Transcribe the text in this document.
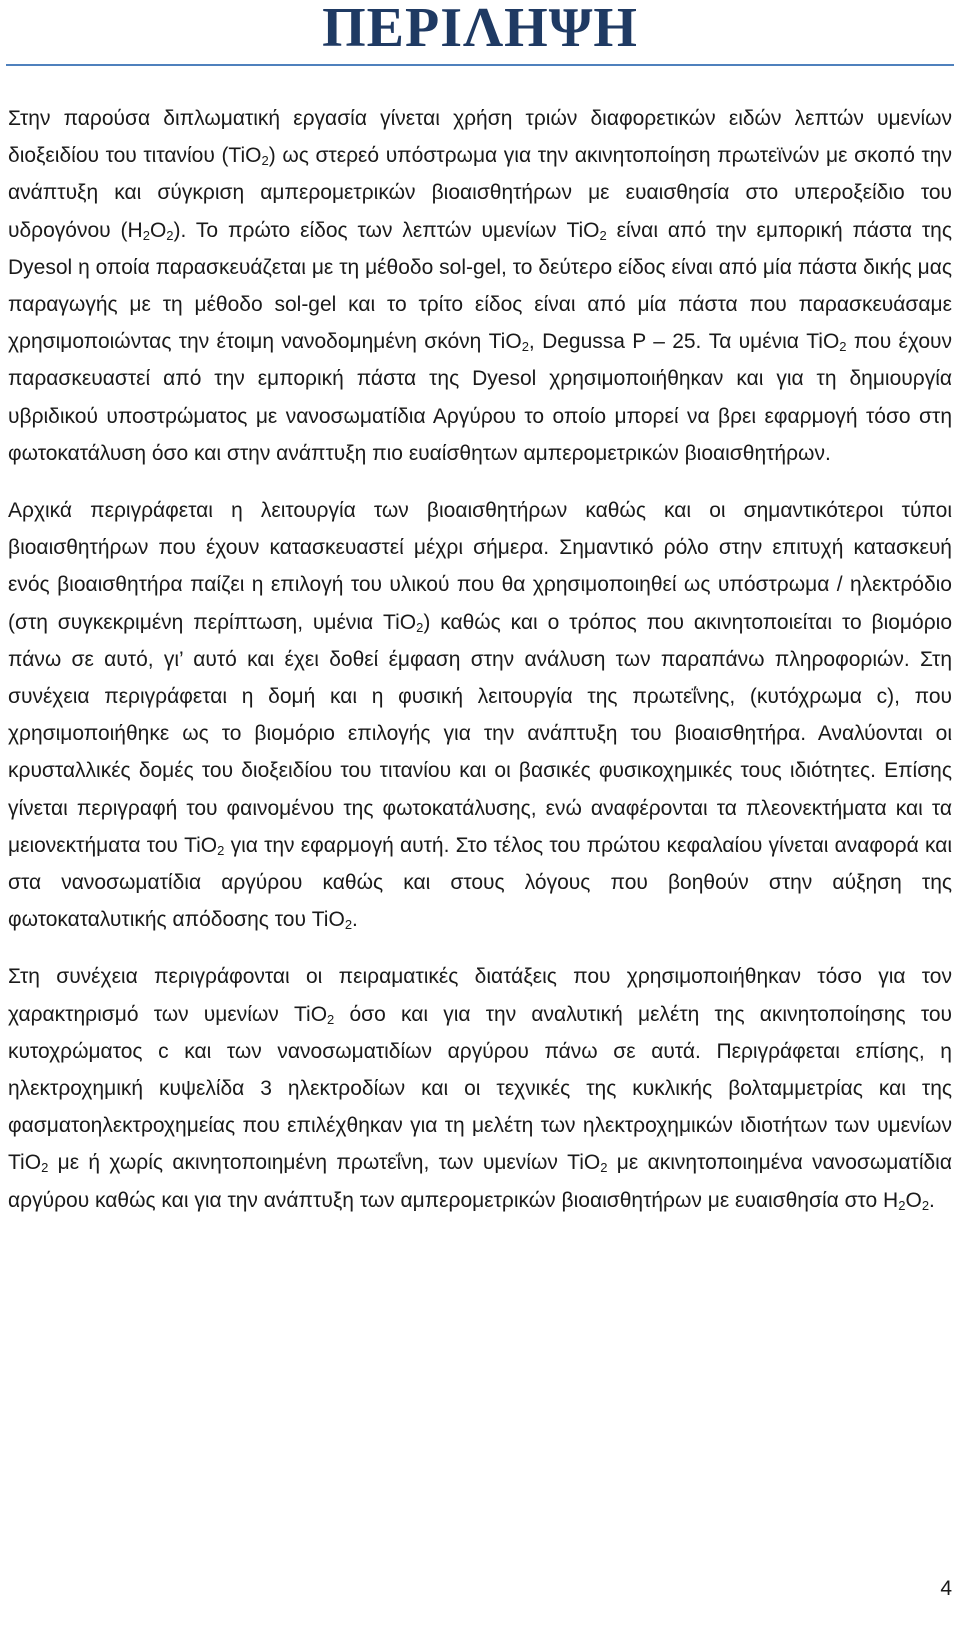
ΠΕΡΙΛΗΨΗ

Στην παρούσα διπλωματική εργασία γίνεται χρήση τριών διαφορετικών ειδών λεπτών υμενίων διοξειδίου του τιτανίου (TiO$_2$) ως στερεό υπόστρωμα για την ακινητοποίηση πρωτεϊνών με σκοπό την ανάπτυξη και σύγκριση αμπερομετρικών βιοαισθητήρων με ευαισθησία στο υπεροξείδιο του υδρογόνου $(H_2O_2)$. Το πρώτο είδος των λεπτών υμενίων TiO$_2$ είναι από την εμπορική πάστα της Dyesol η οποία παρασκευάζεται με τη μέθοδο sol-gel, το δεύτερο είδος είναι από μία πάστα δικής μας παραγωγής με τη μέθοδο sol-gel και το τρίτο είδος είναι από μία πάστα που παρασκευάσαμε χρησιμοποιώντας την έτοιμη νανοδομημένη σκόνη TiO$_2$, Degussa P – 25. Τα υμένια TiO$_2$ που έχουν παρασκευαστεί από την εμπορική πάστα της Dyesol χρησιμοποιήθηκαν και για τη δημιουργία υβριδικού υποστρώματος με νανοσωματίδια Αργύρου το οποίο μπορεί να βρει εφαρμογή τόσο στη φωτοκατάλυση όσο και στην ανάπτυξη πιο ευαίσθητων αμπερομετρικών βιοαισθητήρων.

Αρχικά περιγράφεται η λειτουργία των βιοαισθητήρων καθώς και οι σημαντικότεροι τύποι βιοαισθητήρων που έχουν κατασκευαστεί μέχρι σήμερα. Σημαντικό ρόλο στην επιτυχή κατασκευή ενός βιοαισθητήρα παίζει η επιλογή του υλικού που θα χρησιμοποιηθεί ως υπόστρωμα / ηλεκτρόδιο (στη συγκεκριμένη περίπτωση, υμένια TiO$_2$) καθώς και ο τρόπος που ακινητοποιείται το βιομόριο πάνω σε αυτό, γι’ αυτό και έχει δοθεί έμφαση στην ανάλυση των παραπάνω πληροφοριών. Στη συνέχεια περιγράφεται η δομή και η φυσική λειτουργία της πρωτεΐνης, (κυτόχρωμα c), που χρησιμοποιήθηκε ως το βιομόριο επιλογής για την ανάπτυξη του βιοαισθητήρα. Αναλύονται οι κρυσταλλικές δομές του διοξειδίου του τιτανίου και οι βασικές φυσικοχημικές τους ιδιότητες. Επίσης γίνεται περιγραφή του φαινομένου της φωτοκατάλυσης, ενώ αναφέρονται τα πλεονεκτήματα και τα μειονεκτήματα του TiO$_2$ για την εφαρμογή αυτή. Στο τέλος του πρώτου κεφαλαίου γίνεται αναφορά και στα νανοσωματίδια αργύρου καθώς και στους λόγους που βοηθούν στην αύξηση της φωτοκαταλυτικής απόδοσης του TiO$_2$.

Στη συνέχεια περιγράφονται οι πειραματικές διατάξεις που χρησιμοποιήθηκαν τόσο για τον χαρακτηρισμό των υμενίων TiO$_2$ όσο και για την αναλυτική μελέτη της ακινητοποίησης του κυτοχρώματος c και των νανοσωματιδίων αργύρου πάνω σε αυτά. Περιγράφεται επίσης, η ηλεκτροχημική κυψελίδα 3 ηλεκτροδίων και οι τεχνικές της κυκλικής βολταμμετρίας και της φασματοηλεκτροχημείας που επιλέχθηκαν για τη μελέτη των ηλεκτροχημικών ιδιοτήτων των υμενίων TiO$_2$ με ή χωρίς ακινητοποιημένη πρωτεΐνη, των υμενίων TiO$_2$ με ακινητοποιημένα νανοσωματίδια αργύρου καθώς και για την ανάπτυξη των αμπερομετρικών βιοαισθητήρων με ευαισθησία στο $H_2O_2$.

4
